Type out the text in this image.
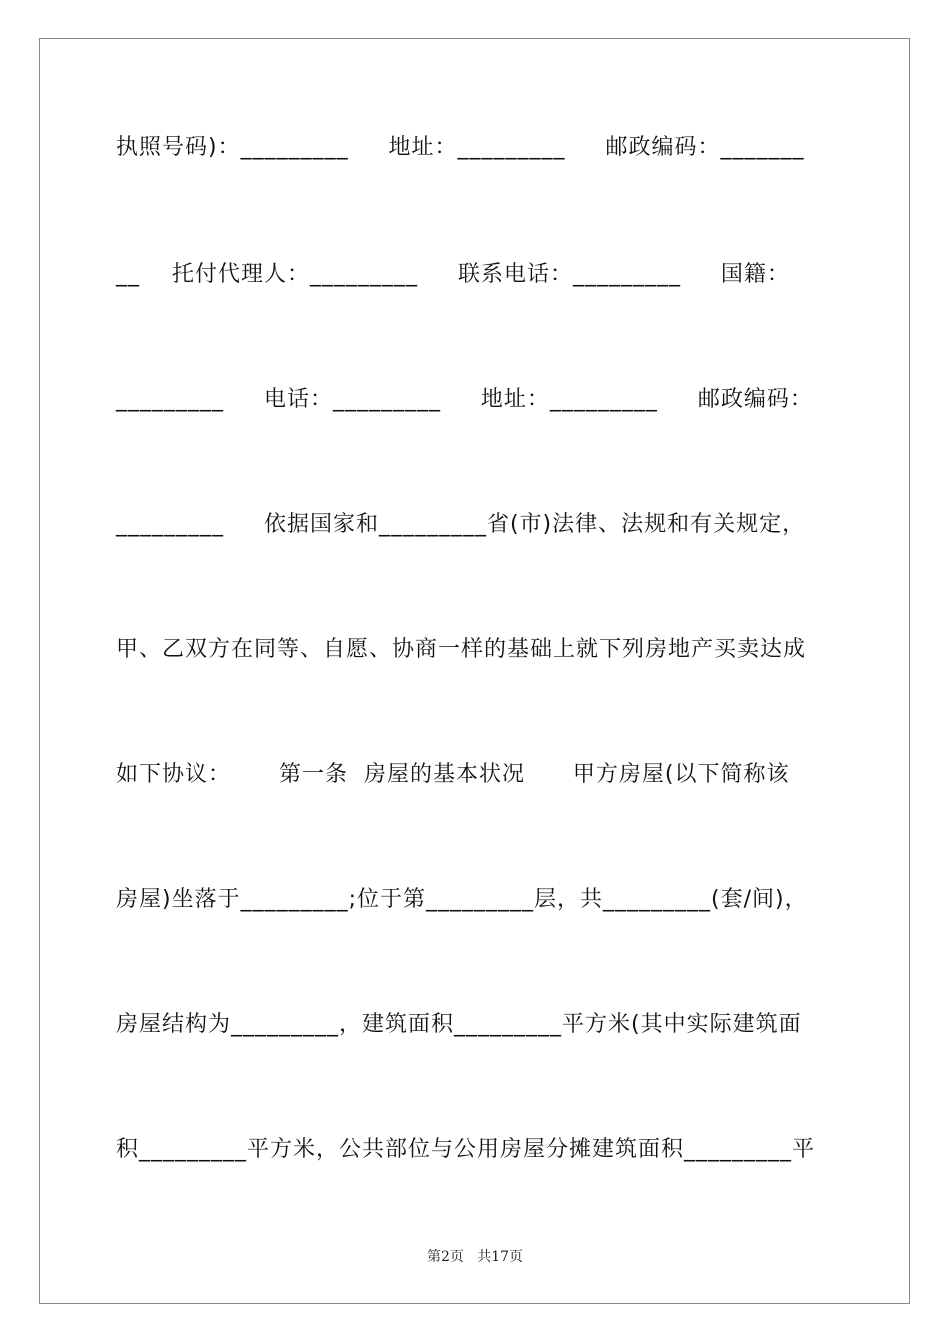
执照号码)：_________     地址：_________     邮政编码：_______
__    托付代理人：_________     联系电话：_________     国籍：
_________     电话：_________     地址：_________     邮政编码：
_________     依据国家和_________省(市)法律、法规和有关规定，
甲、乙双方在同等、自愿、协商一样的基础上就下列房地产买卖达成
如下协议：      第一条  房屋的基本状况      甲方房屋(以下简称该
房屋)坐落于_________;位于第_________层，共_________(套/间)，
房屋结构为_________，建筑面积_________平方米(其中实际建筑面
积_________平方米，公共部位与公用房屋分摊建筑面积_________平
第2页   共17页
